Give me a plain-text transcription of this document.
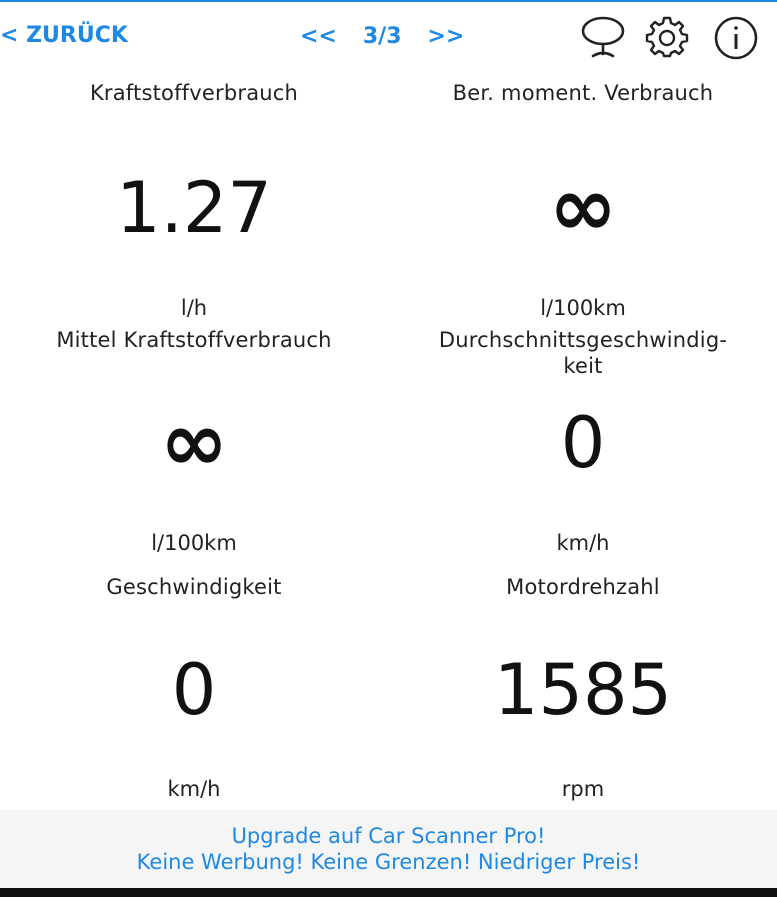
< ZURÜCK	<< 3/3 >>
Kraftstoffverbrauch
1.27
l/h
Ber. moment. Verbrauch
∞
l/100km
Mittel Kraftstoffverbrauch
∞
l/100km
Durchschnittsgeschwindig-
keit
0
km/h
Geschwindigkeit
0
km/h
Motordrehzahl
1585
rpm
Upgrade auf Car Scanner Pro!
Keine Werbung! Keine Grenzen! Niedriger Preis!
